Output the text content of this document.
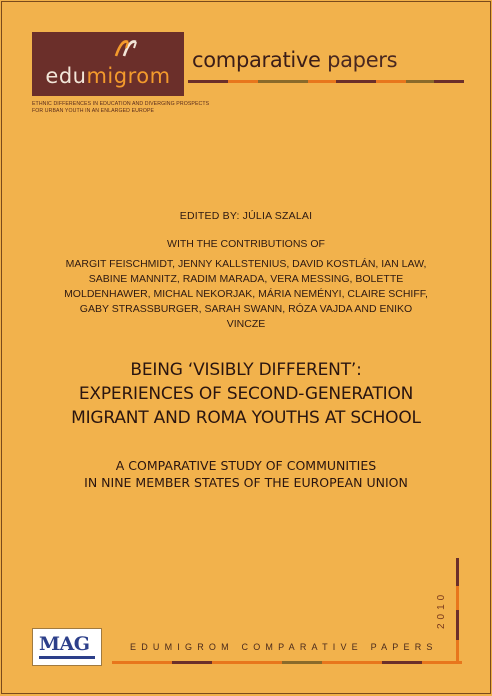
edumigrom
ETHNIC DIFFERENCES IN EDUCATION AND DIVERGING PROSPECTS FOR URBAN YOUTH IN AN ENLARGED EUROPE
comparative papers
EDITED BY: JÚLIA SZALAI
WITH THE CONTRIBUTIONS OF
MARGIT FEISCHMIDT, JENNY KALLSTENIUS, DAVID KOSTLÁN, IAN LAW, SABINE MANNITZ, RADIM MARADA, VERA MESSING, BOLETTE MOLDENHAWER, MICHAL NEKORJAK, MÁRIA NEMÉNYI, CLAIRE SCHIFF, GABY STRASSBURGER, SARAH SWANN, RÓZA VAJDA AND ENIKO VINCZE
BEING ‘VISIBLY DIFFERENT’:
EXPERIENCES OF SECOND-GENERATION
MIGRANT AND ROMA YOUTHS AT SCHOOL
A COMPARATIVE STUDY OF COMMUNITIES
IN NINE MEMBER STATES OF THE EUROPEAN UNION
2010
MAG	EDUMIGROM COMPARATIVE PAPERS
